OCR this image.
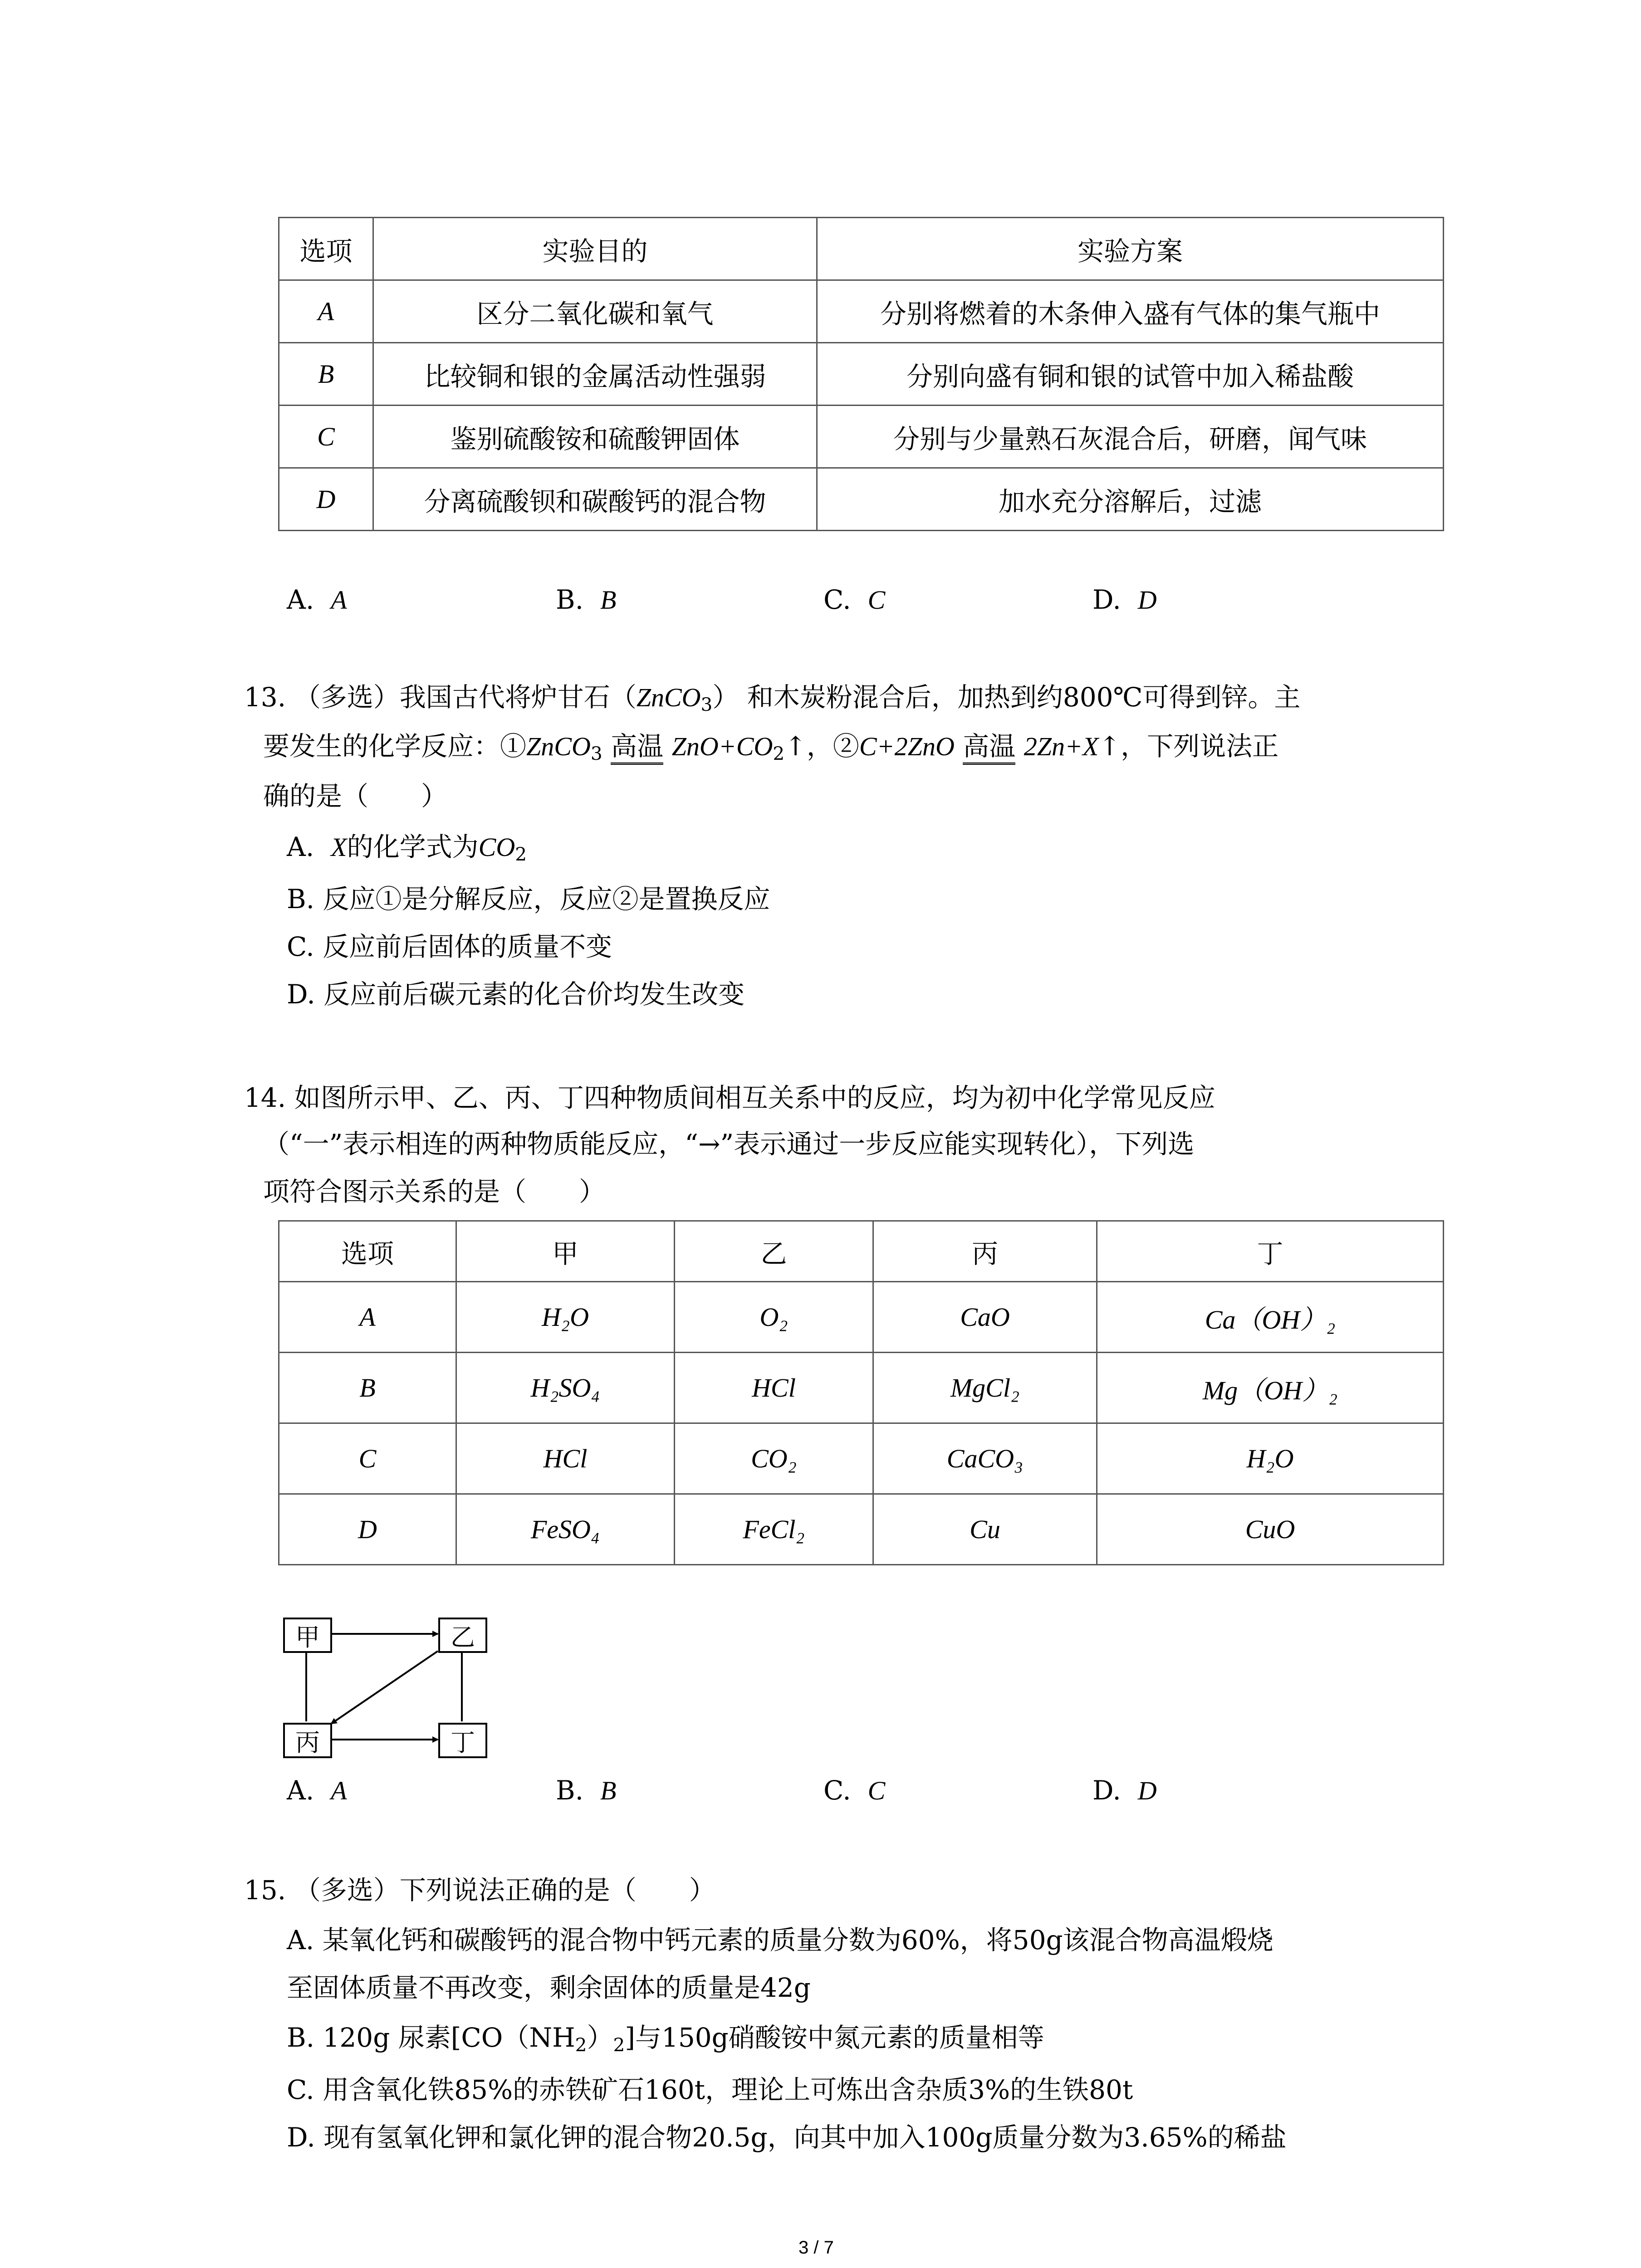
选项	实验目的	实验方案
A	区分二氧化碳和氧气	分别将燃着的木条伸入盛有气体的集气瓶中
B	比较铜和银的金属活动性强弱	分别向盛有铜和银的试管中加入稀盐酸
C	鉴别硫酸铵和硫酸钾固体	分别与少量熟石灰混合后，研磨，闻气味
D	分离硫酸钡和碳酸钙的混合物	加水充分溶解后，过滤
A. A	B. B	C. C	D. D
13. （多选）我国古代将炉甘石（ZnCO$_3$） 和木炭粉混合后，加热到约800℃可得到锌。主
要发生的化学反应：①ZnCO$_3$ 高温 $ZnO+CO_2↑$，②C+2ZnO 高温 2Zn+X↑，下列说法正
确的是（　　）
A. X的化学式为$CO_2$
B. 反应①是分解反应，反应②是置换反应
C. 反应前后固体的质量不变
D. 反应前后碳元素的化合价均发生改变
14. 如图所示甲、乙、丙、丁四种物质间相互关系中的反应，均为初中化学常见反应
（“一”表示相连的两种物质能反应，“→”表示通过一步反应能实现转化），下列选
项符合图示关系的是（　　）
选项	甲	乙	丙	丁
A	H₂O	O₂	CaO	Ca（OH）₂
B	H₂SO₄	HCl	MgCl₂	Mg（OH）₂
C	HCl	CO₂	CaCO₃	H₂O
D	FeSO₄	FeCl₂	Cu	CuO
甲	乙
丙	丁
A. A	B. B	C. C	D. D
15. （多选）下列说法正确的是（　　）
A. 某氧化钙和碳酸钙的混合物中钙元素的质量分数为60%，将50g该混合物高温煅烧
至固体质量不再改变，剩余固体的质量是42g
B. 120g 尿素$[CO(NH_2)_2]$与150g硝酸铵中氮元素的质量相等
C. 用含氧化铁85%的赤铁矿石160t，理论上可炼出含杂质3%的生铁80t
D. 现有氢氧化钾和氯化钾的混合物20.5g，向其中加入100g质量分数为3.65%的稀盐
3 / 7
